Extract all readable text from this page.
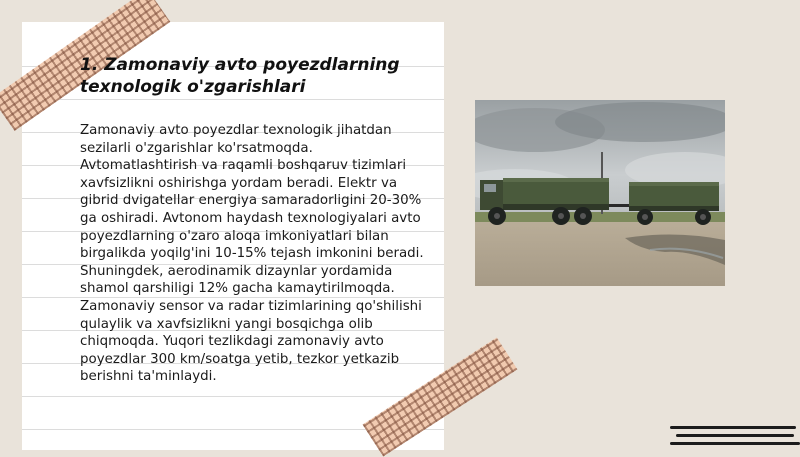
1. Zamonaviy avto poyezdlarning texnologik o'zgarishlari

Zamonaviy avto poyezdlar texnologik jihatdan sezilarli o'zgarishlar ko'rsatmoqda. Avtomatlashtirish va raqamli boshqaruv tizimlari xavfsizlikni oshirishga yordam beradi. Elektr va gibrid dvigatellar energiya samaradorligini 20-30% ga oshiradi. Avtonom haydash texnologiyalari avto poyezdlarning o'zaro aloqa imkoniyatlari bilan birgalikda yoqilg'ini 10-15% tejash imkonini beradi. Shuningdek, aerodinamik dizaynlar yordamida shamol qarshiligi 12% gacha kamaytirilmoqda. Zamonaviy sensor va radar tizimlarining qo'shilishi qulaylik va xavfsizlikni yangi bosqichga olib chiqmoqda. Yuqori tezlikdagi zamonaviy avto poyezdlar 300 km/soatga yetib, tezkor yetkazib berishni ta'minlaydi.
